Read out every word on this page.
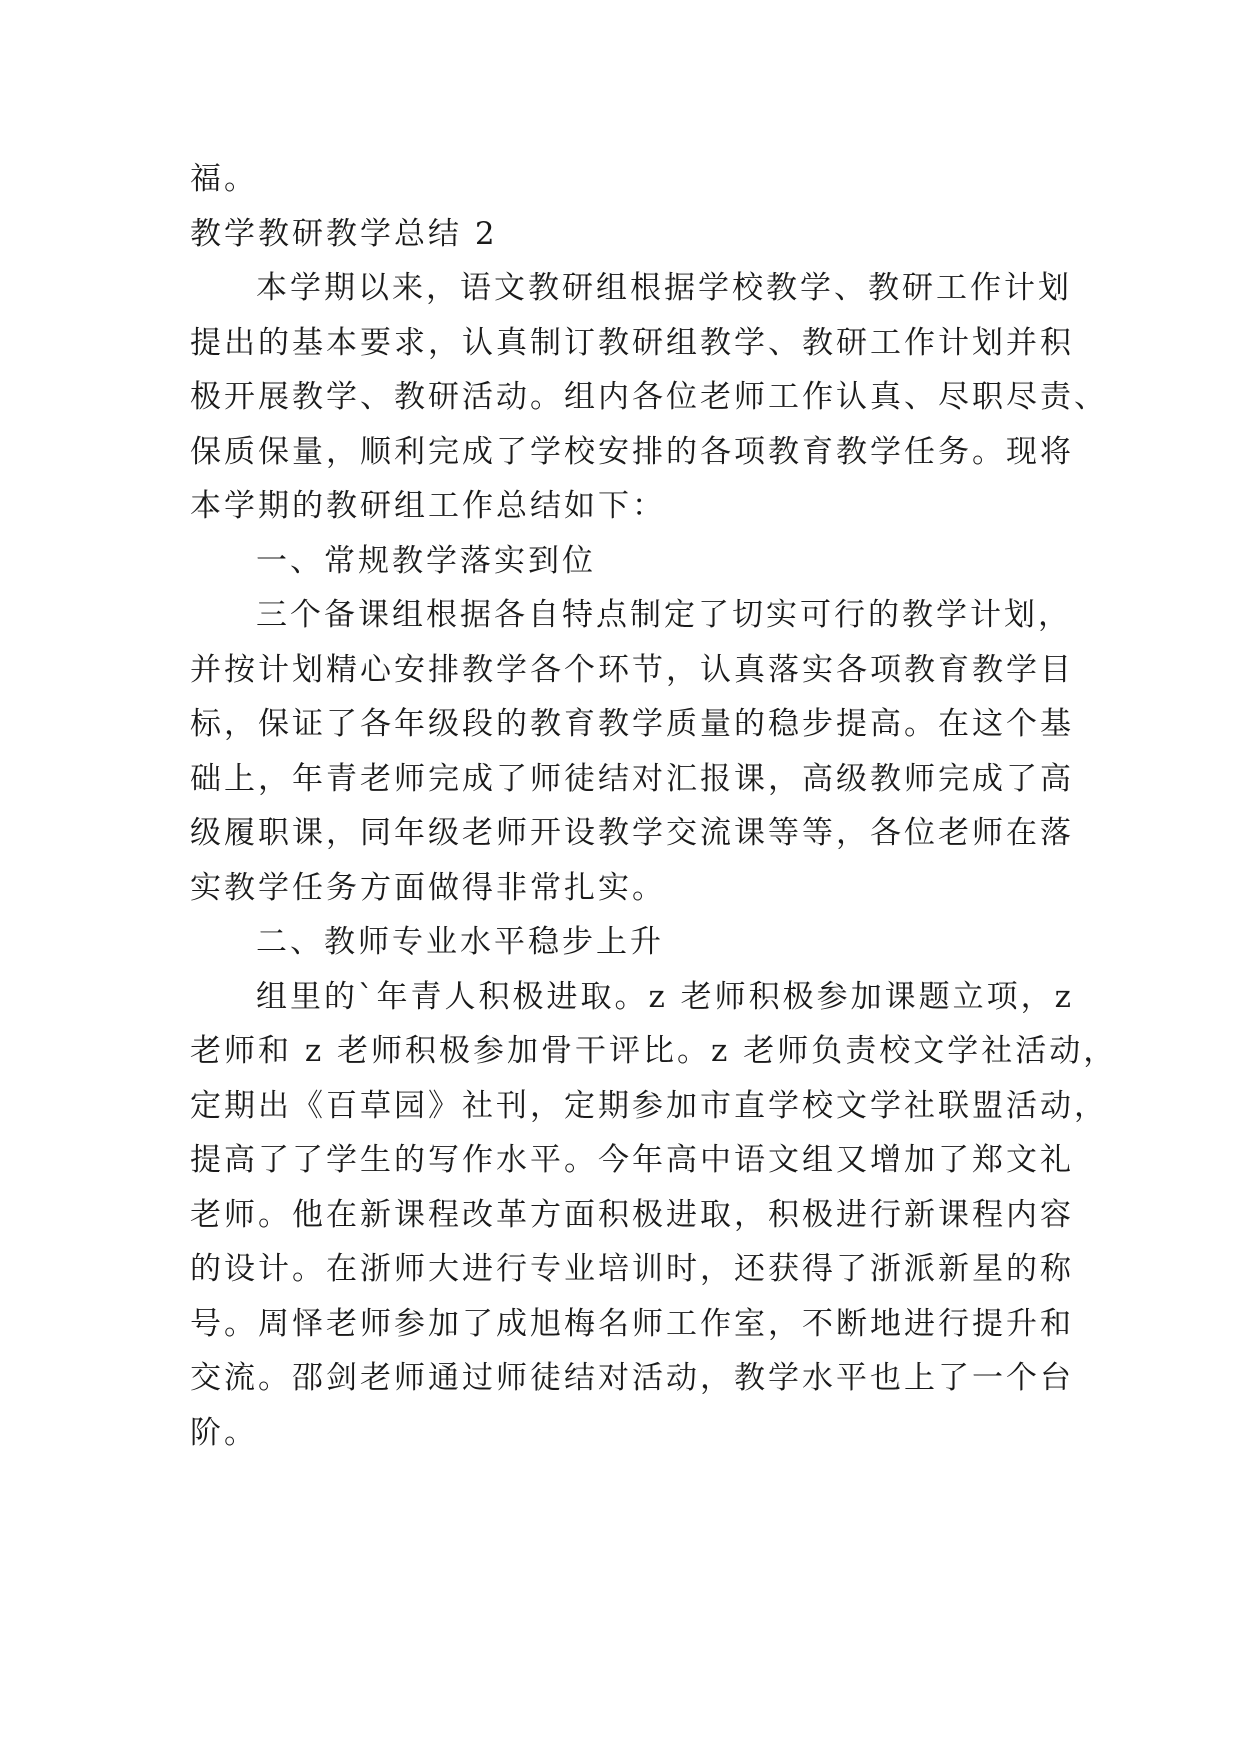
福。

教学教研教学总结 2

本学期以来，语文教研组根据学校教学、教研工作计划
提出的基本要求，认真制订教研组教学、教研工作计划并积
极开展教学、教研活动。组内各位老师工作认真、尽职尽责、
保质保量，顺利完成了学校安排的各项教育教学任务。现将
本学期的教研组工作总结如下：

一、常规教学落实到位

三个备课组根据各自特点制定了切实可行的教学计划，
并按计划精心安排教学各个环节，认真落实各项教育教学目
标，保证了各年级段的教育教学质量的稳步提高。在这个基
础上，年青老师完成了师徒结对汇报课，高级教师完成了高
级履职课，同年级老师开设教学交流课等等，各位老师在落
实教学任务方面做得非常扎实。

二、教师专业水平稳步上升

组里的`年青人积极进取。z 老师积极参加课题立项，z
老师和 z 老师积极参加骨干评比。z 老师负责校文学社活动，
定期出《百草园》社刊，定期参加市直学校文学社联盟活动，
提高了了学生的写作水平。今年高中语文组又增加了郑文礼
老师。他在新课程改革方面积极进取，积极进行新课程内容
的设计。在浙师大进行专业培训时，还获得了浙派新星的称
号。周怿老师参加了成旭梅名师工作室，不断地进行提升和
交流。邵剑老师通过师徒结对活动，教学水平也上了一个台
阶。
